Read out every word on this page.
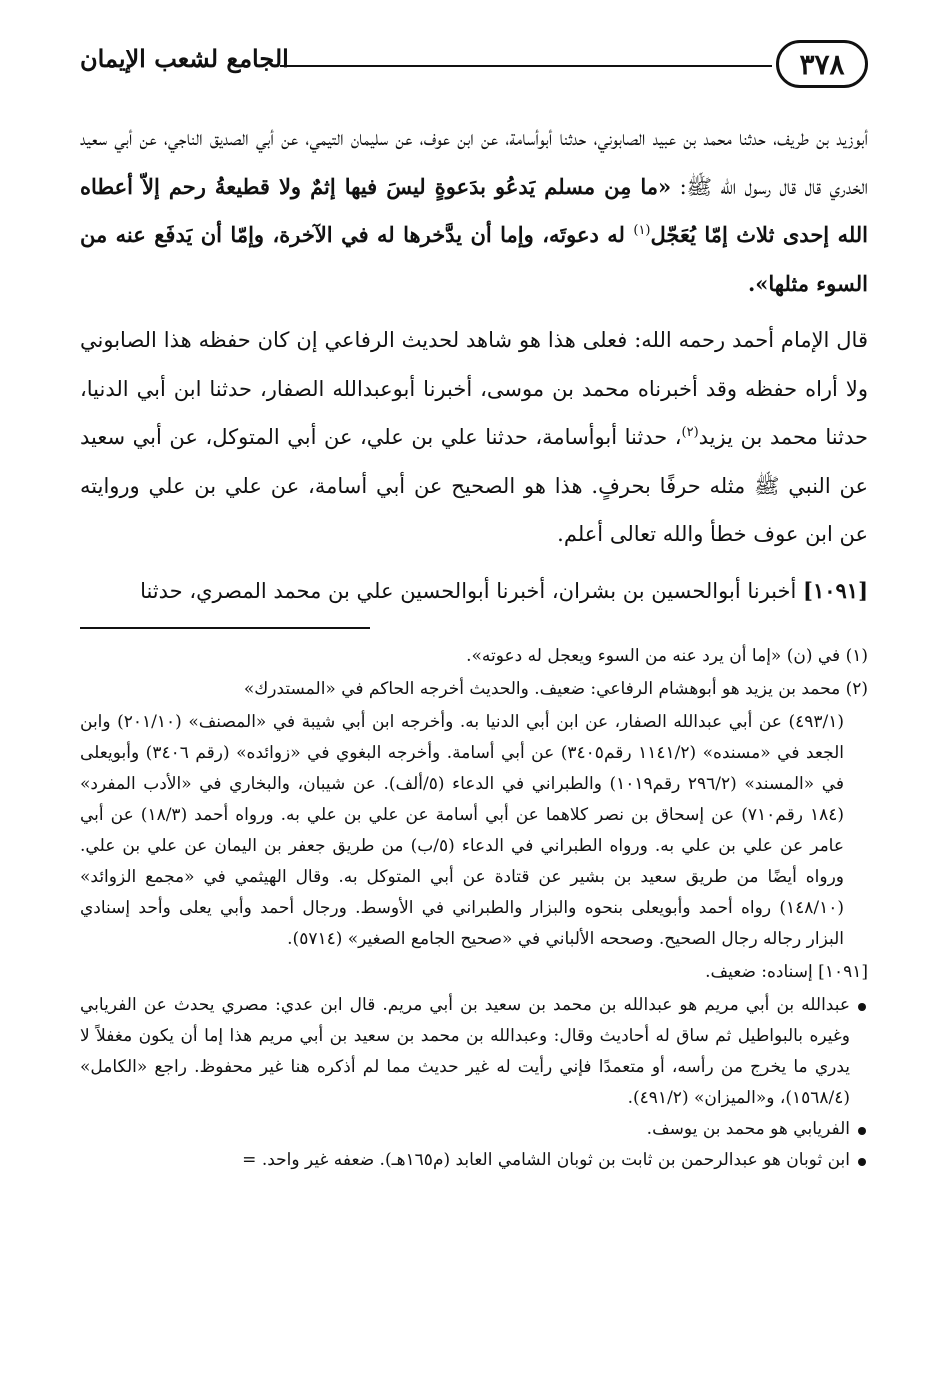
٣٧٨
الجامع لشعب الإيمان

أبوزيد بن طريف، حدثنا محمد بن عبيد الصابوني، حدثنا أبوأسامة، عن ابن عوف، عن سليمان التيمي، عن أبي الصديق الناجي، عن أبي سعيد الخدري قال قال رسول الله ﷺ: «ما مِن مسلم يَدعُو بدَعوةٍ ليسَ فيها إثمٌ ولا قطيعةُ رحم إلاّ أعطاه الله إحدى ثلاث إمّا يُعَجّل$^{(١)}$ له دعوتَه، وإما أن يدَّخرها له في الآخرة، وإمّا أن يَدفَع عنه من السوء مثلها».

قال الإمام أحمد رحمه الله: فعلى هذا هو شاهد لحديث الرفاعي إن كان حفظه هذا الصابوني ولا أراه حفظه وقد أخبرناه محمد بن موسى، أخبرنا أبوعبدالله الصفار، حدثنا ابن أبي الدنيا، حدثنا محمد بن يزيد$^{(٢)}$، حدثنا أبوأسامة، حدثنا علي بن علي، عن أبي المتوكل، عن أبي سعيد عن النبي ﷺ مثله حرفًا بحرفٍ. هذا هو الصحيح عن أبي أسامة، عن علي بن علي وروايته عن ابن عوف خطأ والله تعالى أعلم.

[١٠٩١] أخبرنا أبوالحسين بن بشران، أخبرنا أبوالحسين علي بن محمد المصري، حدثنا

(١) في (ن) «إما أن يرد عنه من السوء ويعجل له دعوته».

(٢) محمد بن يزيد هو أبوهشام الرفاعي: ضعيف. والحديث أخرجه الحاكم في «المستدرك»

(٤٩٣/١) عن أبي عبدالله الصفار، عن ابن أبي الدنيا به. وأخرجه ابن أبي شيبة في «المصنف» (٢٠١/١٠) وابن الجعد في «مسنده» (١١٤١/٢ رقم٣٤٠٥) عن أبي أسامة. وأخرجه البغوي في «زوائده» (رقم ٣٤٠٦) وأبويعلى في «المسند» (٢٩٦/٢ رقم١٠١٩) والطبراني في الدعاء (٥/ألف). عن شيبان، والبخاري في «الأدب المفرد» (١٨٤ رقم٧١٠) عن إسحاق بن نصر كلاهما عن أبي أسامة عن علي بن علي به. ورواه أحمد (١٨/٣) عن أبي عامر عن علي بن علي به. ورواه الطبراني في الدعاء (٥/ب) من طريق جعفر بن اليمان عن علي بن علي. ورواه أيضًا من طريق سعيد بن بشير عن قتادة عن أبي المتوكل به. وقال الهيثمي في «مجمع الزوائد» (١٤٨/١٠) رواه أحمد وأبويعلى بنحوه والبزار والطبراني في الأوسط. ورجال أحمد وأبي يعلى وأحد إسنادي البزار رجاله رجال الصحيح. وصححه الألباني في «صحيح الجامع الصغير» (٥٧١٤).

[١٠٩١] إسناده: ضعيف.

عبدالله بن أبي مريم هو عبدالله بن محمد بن سعيد بن أبي مريم. قال ابن عدي: مصري يحدث عن الفريابي وغيره بالبواطيل ثم ساق له أحاديث وقال: وعبدالله بن محمد بن سعيد بن أبي مريم هذا إما أن يكون مغفلاً لا يدري ما يخرج من رأسه، أو متعمدًا فإني رأيت له غير حديث مما لم أذكره هنا غير محفوظ. راجع «الكامل» (١٥٦٨/٤)، و«الميزان» (٤٩١/٢).
الفريابي هو محمد بن يوسف.
ابن ثوبان هو عبدالرحمن بن ثابت بن ثوبان الشامي العابد (م١٦٥هـ). ضعفه غير واحد. =
